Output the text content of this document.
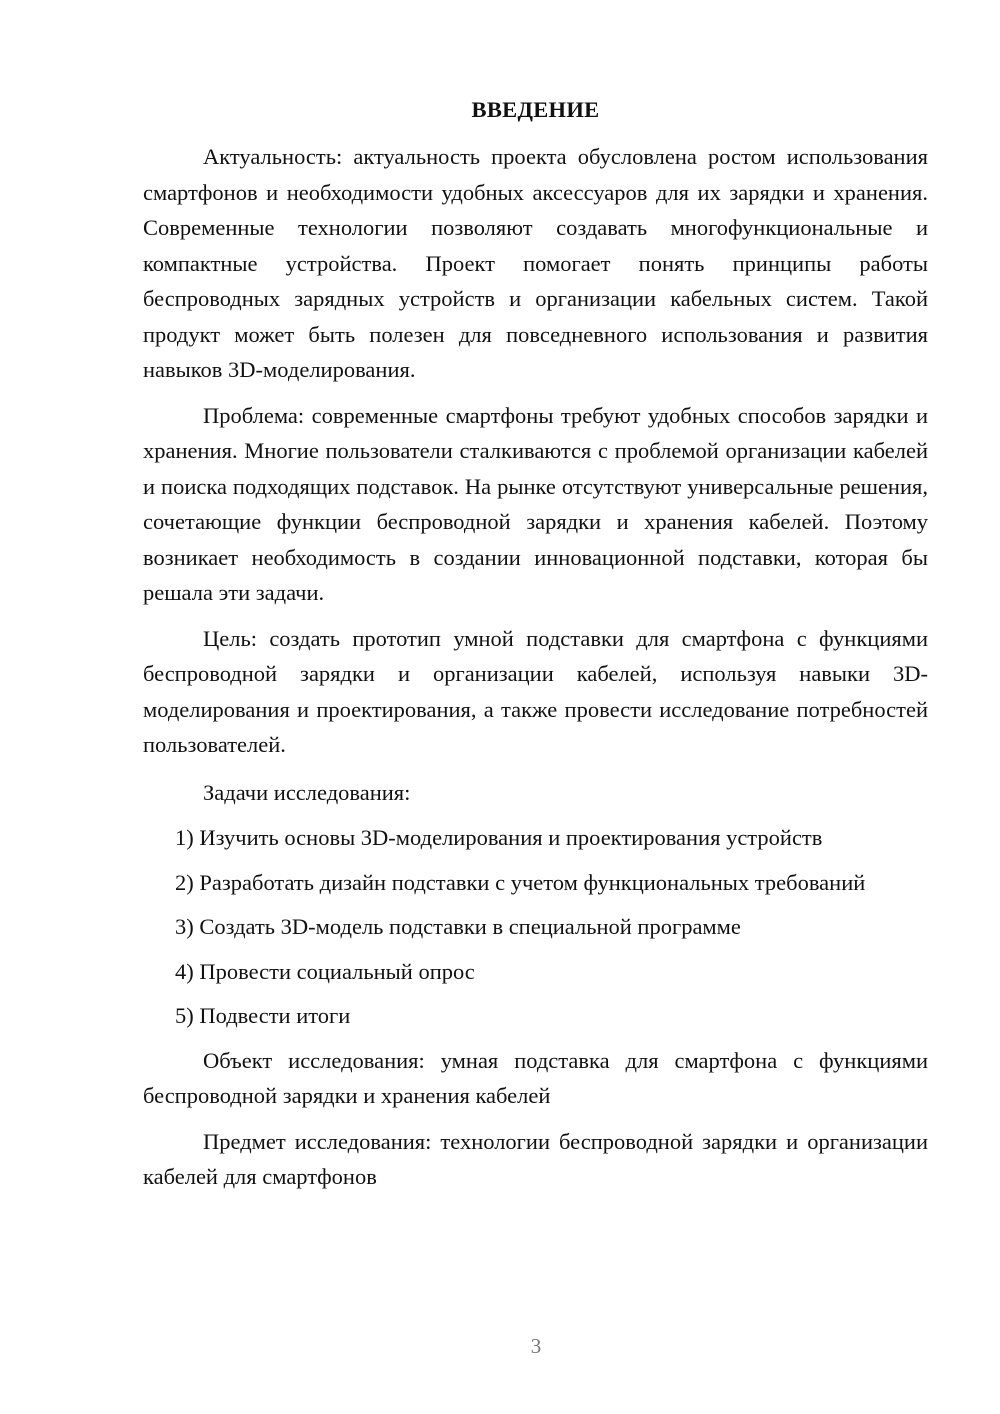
ВВЕДЕНИЕ

Актуальность: актуальность проекта обусловлена ростом использования смартфонов и необходимости удобных аксессуаров для их зарядки и хранения. Современные технологии позволяют создавать многофункциональные и компактные устройства. Проект помогает понять принципы работы беспроводных зарядных устройств и организации кабельных систем. Такой продукт может быть полезен для повседневного использования и развития навыков 3D-моделирования.

Проблема: современные смартфоны требуют удобных способов зарядки и хранения. Многие пользователи сталкиваются с проблемой организации кабелей и поиска подходящих подставок. На рынке отсутствуют универсальные решения, сочетающие функции беспроводной зарядки и хранения кабелей. Поэтому возникает необходимость в создании инновационной подставки, которая бы решала эти задачи.

Цель: создать прототип умной подставки для смартфона с функциями беспроводной зарядки и организации кабелей, используя навыки 3D-моделирования и проектирования, а также провести исследование потребностей пользователей.

Задачи исследования:

1) Изучить основы 3D-моделирования и проектирования устройств

2) Разработать дизайн подставки с учетом функциональных требований

3) Создать 3D-модель подставки в специальной программе

4) Провести социальный опрос

5) Подвести итоги

Объект исследования: умная подставка для смартфона с функциями беспроводной зарядки и хранения кабелей

Предмет исследования: технологии беспроводной зарядки и организации кабелей для смартфонов

3
